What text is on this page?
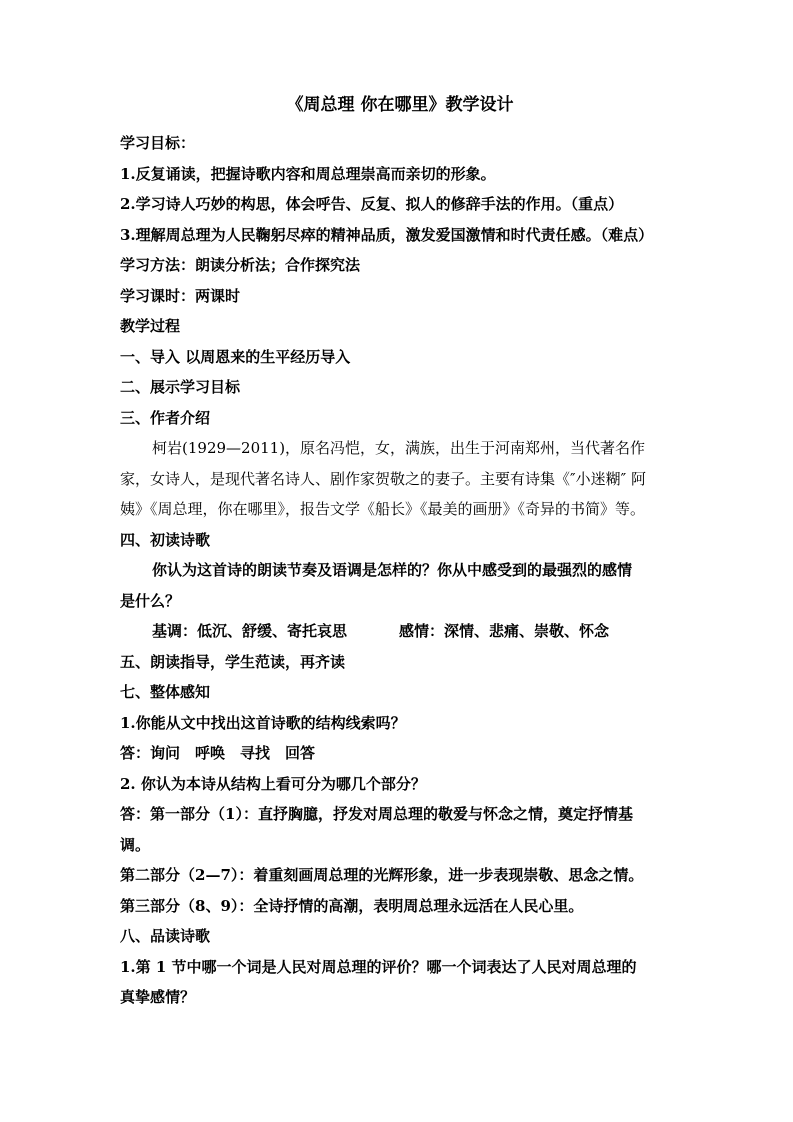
《周总理 你在哪里》教学设计

学习目标：

1.反复诵读，把握诗歌内容和周总理崇高而亲切的形象。

2.学习诗人巧妙的构思，体会呼告、反复、拟人的修辞手法的作用。（重点）

3.理解周总理为人民鞠躬尽瘁的精神品质，激发爱国激情和时代责任感。（难点）

学习方法：朗读分析法；合作探究法

学习课时：两课时

教学过程

一、导入 以周恩来的生平经历导入

二、展示学习目标

三、作者介绍

柯岩(1929—2011)，原名冯恺，女，满族，出生于河南郑州，当代著名作

家，女诗人，是现代著名诗人、剧作家贺敬之的妻子。主要有诗集《″小迷糊″ 阿

姨》《周总理，你在哪里》，报告文学《船长》《最美的画册》《奇异的书简》等。

四、初读诗歌

你认为这首诗的朗读节奏及语调是怎样的？你从中感受到的最强烈的感情

是什么？

基调：低沉、舒缓、寄托哀思	感情：深情、悲痛、崇敬、怀念

五、朗读指导，学生范读，再齐读

七、整体感知

1.你能从文中找出这首诗歌的结构线索吗？

答：询问　呼唤　寻找　回答

2. 你认为本诗从结构上看可分为哪几个部分？

答：第一部分（1）：直抒胸臆，抒发对周总理的敬爱与怀念之情，奠定抒情基

调。

第二部分（2—7）：着重刻画周总理的光辉形象，进一步表现崇敬、思念之情。

第三部分（8、9）：全诗抒情的高潮，表明周总理永远活在人民心里。

八、品读诗歌

1.第 1 节中哪一个词是人民对周总理的评价？哪一个词表达了人民对周总理的

真挚感情？
